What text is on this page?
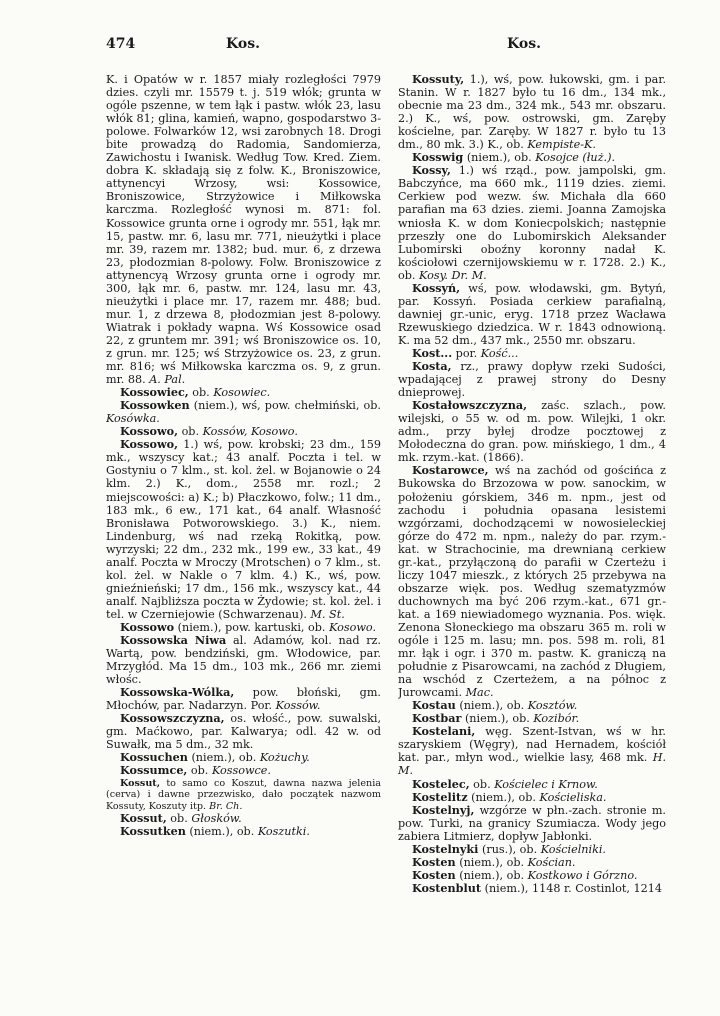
474	Kos.	Kos.

K. i Opatów w r. 1857 miały rozległości 7979 dzies. czyli mr. 15579 t. j. 519 włók; grunta w ogóle pszenne, w tem łąk i pastw. włók 23, lasu włók 81; glina, kamień, wapno, gospodarstwo 3-polowe. Folwarków 12, wsi zarobnych 18. Drogi bite prowadzą do Radomia, Sandomierza, Zawichostu i Iwanisk. Według Tow. Kred. Ziem. dobra K. składają się z folw. K., Broniszowice, attynencyi Wrzosy, wsi: Kossowice, Broniszowice, Strzyżowice i Miłkowska karczma. Rozległość wynosi m. 871: fol. Kossowice grunta orne i ogrody mr. 551, łąk mr. 15, pastw. mr. 6, lasu mr. 771, nieużytki i place mr. 39, razem mr. 1382; bud. mur. 6, z drzewa 23, płodozmian 8-polowy. Folw. Broniszowice z attynencyą Wrzosy grunta orne i ogrody mr. 300, łąk mr. 6, pastw. mr. 124, lasu mr. 43, nieużytki i place mr. 17, razem mr. 488; bud. mur. 1, z drzewa 8, płodozmian jest 8-polowy. Wiatrak i pokłady wapna. Wś Kossowice osad 22, z gruntem mr. 391; wś Broniszowice os. 10, z grun. mr. 125; wś Strzyżowice os. 23, z grun. mr. 816; wś Miłkowska karczma os. 9, z grun. mr. 88. A. Pal.

Kossowiec, ob. Kosowiec.

Kossowken (niem.), wś, pow. chełmiński, ob. Kosówka.

Kossowo, ob. Kossów, Kosowo.

Kossowo, 1.) wś, pow. krobski; 23 dm., 159 mk., wszyscy kat.; 43 analf. Poczta i tel. w Gostyniu o 7 klm., st. kol. żel. w Bojanowie o 24 klm. 2.) K., dom., 2558 mr. rozl.; 2 miejscowości: a) K.; b) Płaczkowo, folw.; 11 dm., 183 mk., 6 ew., 171 kat., 64 analf. Własność Bronisława Potworowskiego. 3.) K., niem. Lindenburg, wś nad rzeką Rokitką, pow. wyrzyski; 22 dm., 232 mk., 199 ew., 33 kat., 49 analf. Poczta w Mroczy (Mrotschen) o 7 klm., st. kol. żel. w Nakle o 7 klm. 4.) K., wś, pow. gnieźnieński; 17 dm., 156 mk., wszyscy kat., 44 analf. Najbliższa poczta w Żydowie; st. kol. żel. i tel. w Czerniejowie (Schwarzenau). M. St.

Kossowo (niem.), pow. kartuski, ob. Kosowo.

Kossowska Niwa al. Adamów, kol. nad rz. Wartą, pow. bendziński, gm. Włodowice, par. Mrzygłód. Ma 15 dm., 103 mk., 266 mr. ziemi włośc.

Kossowska-Wólka, pow. błoński, gm. Młochów, par. Nadarzyn. Por. Kossów.

Kossowszczyzna, os. włość., pow. suwalski, gm. Maćkowo, par. Kalwarya; odl. 42 w. od Suwałk, ma 5 dm., 32 mk.

Kossuchen (niem.), ob. Kożuchy.

Kossumce, ob. Kossowce.

Kossut, to samo co Koszut, dawna nazwa jelenia (cerva) i dawne przezwisko, dało początek nazwom Kossuty, Koszuty itp. Br. Ch.

Kossut, ob. Głosków.

Kossutken (niem.), ob. Koszutki.

Kossuty, 1.), wś, pow. łukowski, gm. i par. Stanin. W r. 1827 było tu 16 dm., 134 mk., obecnie ma 23 dm., 324 mk., 543 mr. obszaru. 2.) K., wś, pow. ostrowski, gm. Zaręby kościelne, par. Zaręby. W 1827 r. było tu 13 dm., 80 mk. 3.) K., ob. Kempiste-K.

Kosswig (niem.), ob. Kosojce (łuż.).

Kossy, 1.) wś rząd., pow. jampolski, gm. Babczyńce, ma 660 mk., 1119 dzies. ziemi. Cerkiew pod wezw. św. Michała dla 660 parafian ma 63 dzies. ziemi. Joanna Zamojska wniosła K. w dom Koniecpolskich; następnie przeszły one do Lubomirskich Aleksander Lubomirski oboźny koronny nadał K. kościołowi czernijowskiemu w r. 1728. 2.) K., ob. Kosy. Dr. M.

Kossyń, wś, pow. włodawski, gm. Bytyń, par. Kossyń. Posiada cerkiew parafialną, dawniej gr.-unic, eryg. 1718 przez Wacława Rzewuskiego dziedzica. W r. 1843 odnowioną. K. ma 52 dm., 437 mk., 2550 mr. obszaru.

Kost... por. Kość...

Kosta, rz., prawy dopływ rzeki Sudości, wpadającej z prawej strony do Desny dnieprowej.

Kostałowszczyzna, zaśc. szlach., pow. wilejski, o 55 w. od m. pow. Wilejki, 1 okr. adm., przy byłej drodze pocztowej z Mołodeczna do gran. pow. mińskiego, 1 dm., 4 mk. rzym.-kat. (1866).

Kostarowce, wś na zachód od gościńca z Bukowska do Brzozowa w pow. sanockim, w położeniu górskiem, 346 m. npm., jest od zachodu i południa opasana lesistemi wzgórzami, dochodzącemi w nowosieleckiej górze do 472 m. npm., należy do par. rzym.-kat. w Strachocinie, ma drewnianą cerkiew gr.-kat., przyłączoną do parafii w Czerteżu i liczy 1047 mieszk., z których 25 przebywa na obszarze więk. pos. Według szematyzmów duchownych ma być 206 rzym.-kat., 671 gr.-kat. a 169 niewiadomego wyznania. Pos. więk. Zenona Słoneckiego ma obszaru 365 m. roli w ogóle i 125 m. lasu; mn. pos. 598 m. roli, 81 mr. łąk i ogr. i 370 m. pastw. K. graniczą na południe z Pisarowcami, na zachód z Długiem, na wschód z Czerteżem, a na północ z Jurowcami. Mac.

Kostau (niem.), ob. Kosztów.

Kostbar (niem.), ob. Kozibór.

Kostelani, węg. Szent-Istvan, wś w hr. szaryskiem (Węgry), nad Hernadem, kościół kat. par., młyn wod., wielkie lasy, 468 mk. H. M.

Kostelec, ob. Kościelec i Krnow.

Kostelitz (niem.), ob. Kościeliska.

Kostelnyj, wzgórze w płn.-zach. stronie m. pow. Turki, na granicy Szumiacza. Wody jego zabiera Litmierz, dopływ Jabłonki.

Kostelnyki (rus.), ob. Kościelniki.

Kosten (niem.), ob. Kościan.

Kosten (niem.), ob. Kostkowo i Górzno.

Kostenblut (niem.), 1148 r. Costinlot, 1214
